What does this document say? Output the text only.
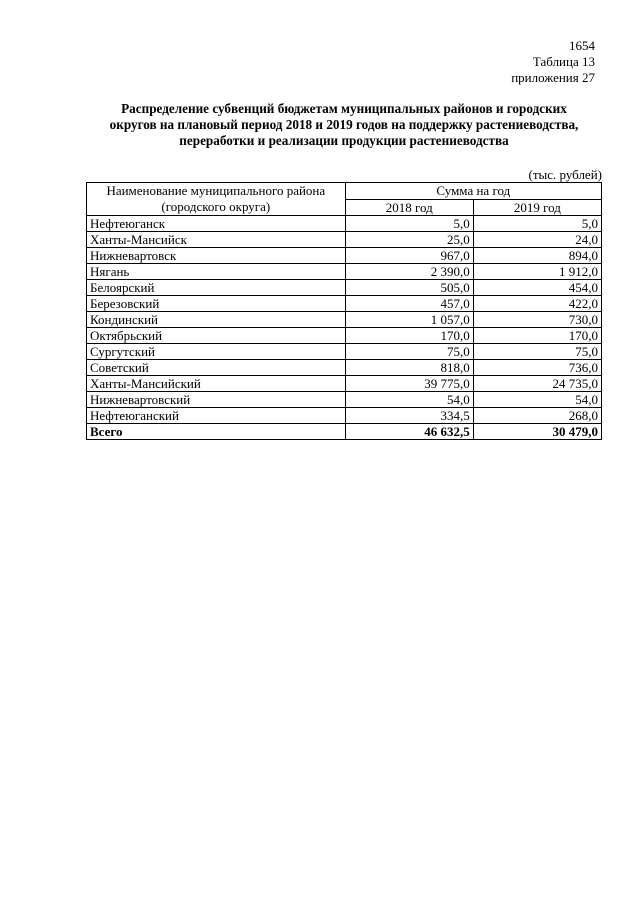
1654
Таблица 13
приложения 27
Распределение субвенций бюджетам муниципальных районов и городских
округов на плановый период 2018 и 2019 годов на поддержку растениеводства,
переработки и реализации продукции растениеводства
(тыс. рублей)
Наименование муниципального района
(городского округа)	Сумма на год	
	2018 год	2019 год
Нефтеюганск	5,0	5,0
Ханты-Мансийск	25,0	24,0
Нижневартовск	967,0	894,0
Нягань	2 390,0	1 912,0
Белоярский	505,0	454,0
Березовский	457,0	422,0
Кондинский	1 057,0	730,0
Октябрьский	170,0	170,0
Сургутский	75,0	75,0
Советский	818,0	736,0
Ханты-Мансийский	39 775,0	24 735,0
Нижневартовский	54,0	54,0
Нефтеюганский	334,5	268,0
Всего	46 632,5	30 479,0
